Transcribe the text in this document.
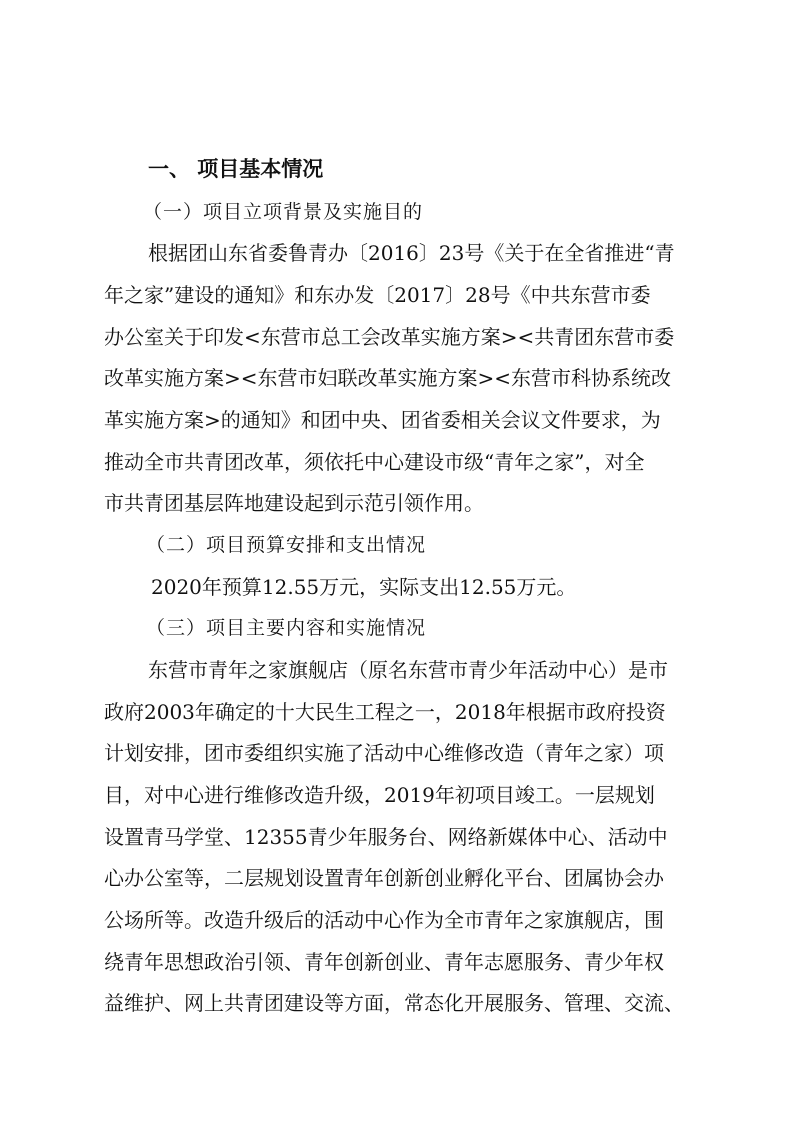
一、 项目基本情况
（一）项目立项背景及实施目的
根据团山东省委鲁青办〔2016〕23号《关于在全省推进“青
年之家”建设的通知》和东办发〔2017〕28号《中共东营市委
办公室关于印发<东营市总工会改革实施方案><共青团东营市委
改革实施方案><东营市妇联改革实施方案><东营市科协系统改
革实施方案>的通知》和团中央、团省委相关会议文件要求，为
推动全市共青团改革，须依托中心建设市级“青年之家”，对全
市共青团基层阵地建设起到示范引领作用。
（二）项目预算安排和支出情况
2020年预算12.55万元，实际支出12.55万元。
（三）项目主要内容和实施情况
东营市青年之家旗舰店（原名东营市青少年活动中心）是市
政府2003年确定的十大民生工程之一，2018年根据市政府投资
计划安排，团市委组织实施了活动中心维修改造（青年之家）项
目，对中心进行维修改造升级，2019年初项目竣工。一层规划
设置青马学堂、12355青少年服务台、网络新媒体中心、活动中
心办公室等，二层规划设置青年创新创业孵化平台、团属协会办
公场所等。改造升级后的活动中心作为全市青年之家旗舰店，围
绕青年思想政治引领、青年创新创业、青年志愿服务、青少年权
益维护、网上共青团建设等方面，常态化开展服务、管理、交流、
